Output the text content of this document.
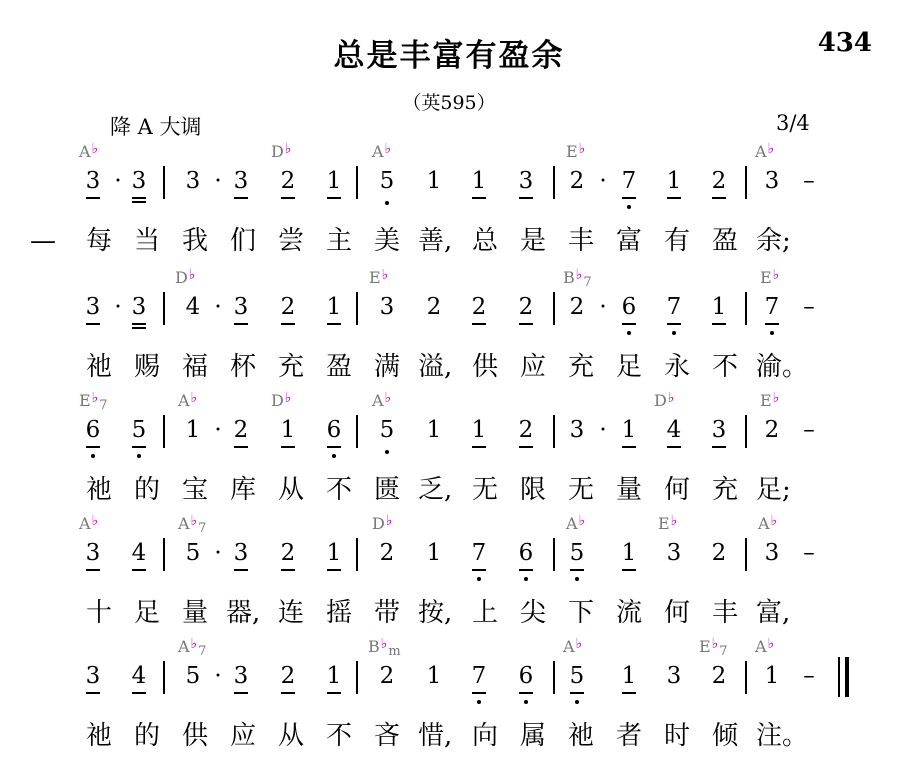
总是丰富有盈余	434
（英595）
降 A 大调	3/4
A♭	D♭	A♭	E♭	A♭
3 · 3 3 · 3 2 1 5 1 1 3 2 · 7 1 2 3 –
—	每 当 我 们 尝 主 美 善, 总 是 丰 富 有 盈 余;
D♭	E♭	B♭7	E♭
3 · 3 4 · 3 2 1 3 2 2 2 2 · 6 7 1 7 –
祂 赐 福 杯 充 盈 满 溢, 供 应 充 足 永 不 渝。
E♭7	A♭	D♭	A♭	D♭	E♭
6 5 1 · 2 1 6 5 1 1 2 3 · 1 4 3 2 –
祂 的 宝 库 从 不 匮 乏, 无 限 无 量 何 充 足;
A♭	A♭7	D♭	A♭	E♭	A♭
3 4 5 · 3 2 1 2 1 7 6 5 1 3 2 3 –
十 足 量 器, 连 摇 带 按, 上 尖 下 流 何 丰 富,
A♭7	B♭m	A♭	E♭7 A♭
3 4 5 · 3 2 1 2 1 7 6 5 1 3 2 1 –
祂 的 供 应 从 不 吝 惜, 向 属 祂 者 时 倾 注。
